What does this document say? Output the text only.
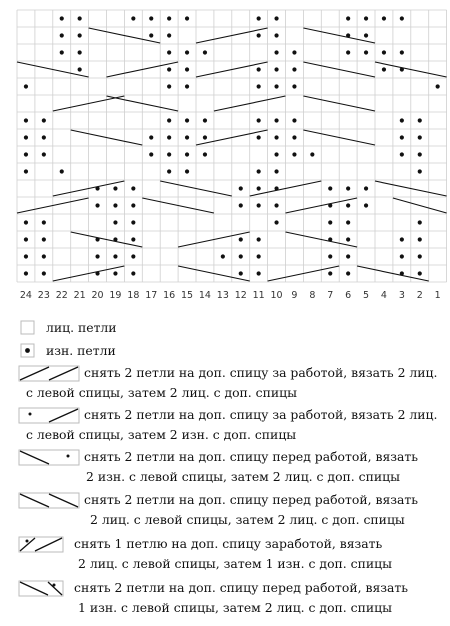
24 23 22 21 20 19 18 17 16 15 14 13 12 11 10 9 8 7 6 5 4 3 2 1
лиц. петли
изн. петли
снять 2 петли на доп. спицу за работой, вязать 2 лиц.
с левой спицы, затем 2 лиц. с доп. спицы
снять 2 петли на доп. спицу за работой, вязать 2 лиц.
с левой спицы, затем 2 изн. с доп. спицы
снять 2 петли на доп. спицу перед работой, вязать
2 изн. с левой спицы, затем 2 лиц. с доп. спицы
снять 2 петли на доп. спицу перед работой, вязать
2 лиц. с левой спицы, затем 2 лиц. с доп. спицы
снять 1 петлю на доп. спицу заработой, вязать
2 лиц. с левой спицы, затем 1 изн. с доп. спицы
снять 2 петли на доп. спицу перед работой, вязать
1 изн. с левой спицы, затем 2 лиц. с доп. спицы
